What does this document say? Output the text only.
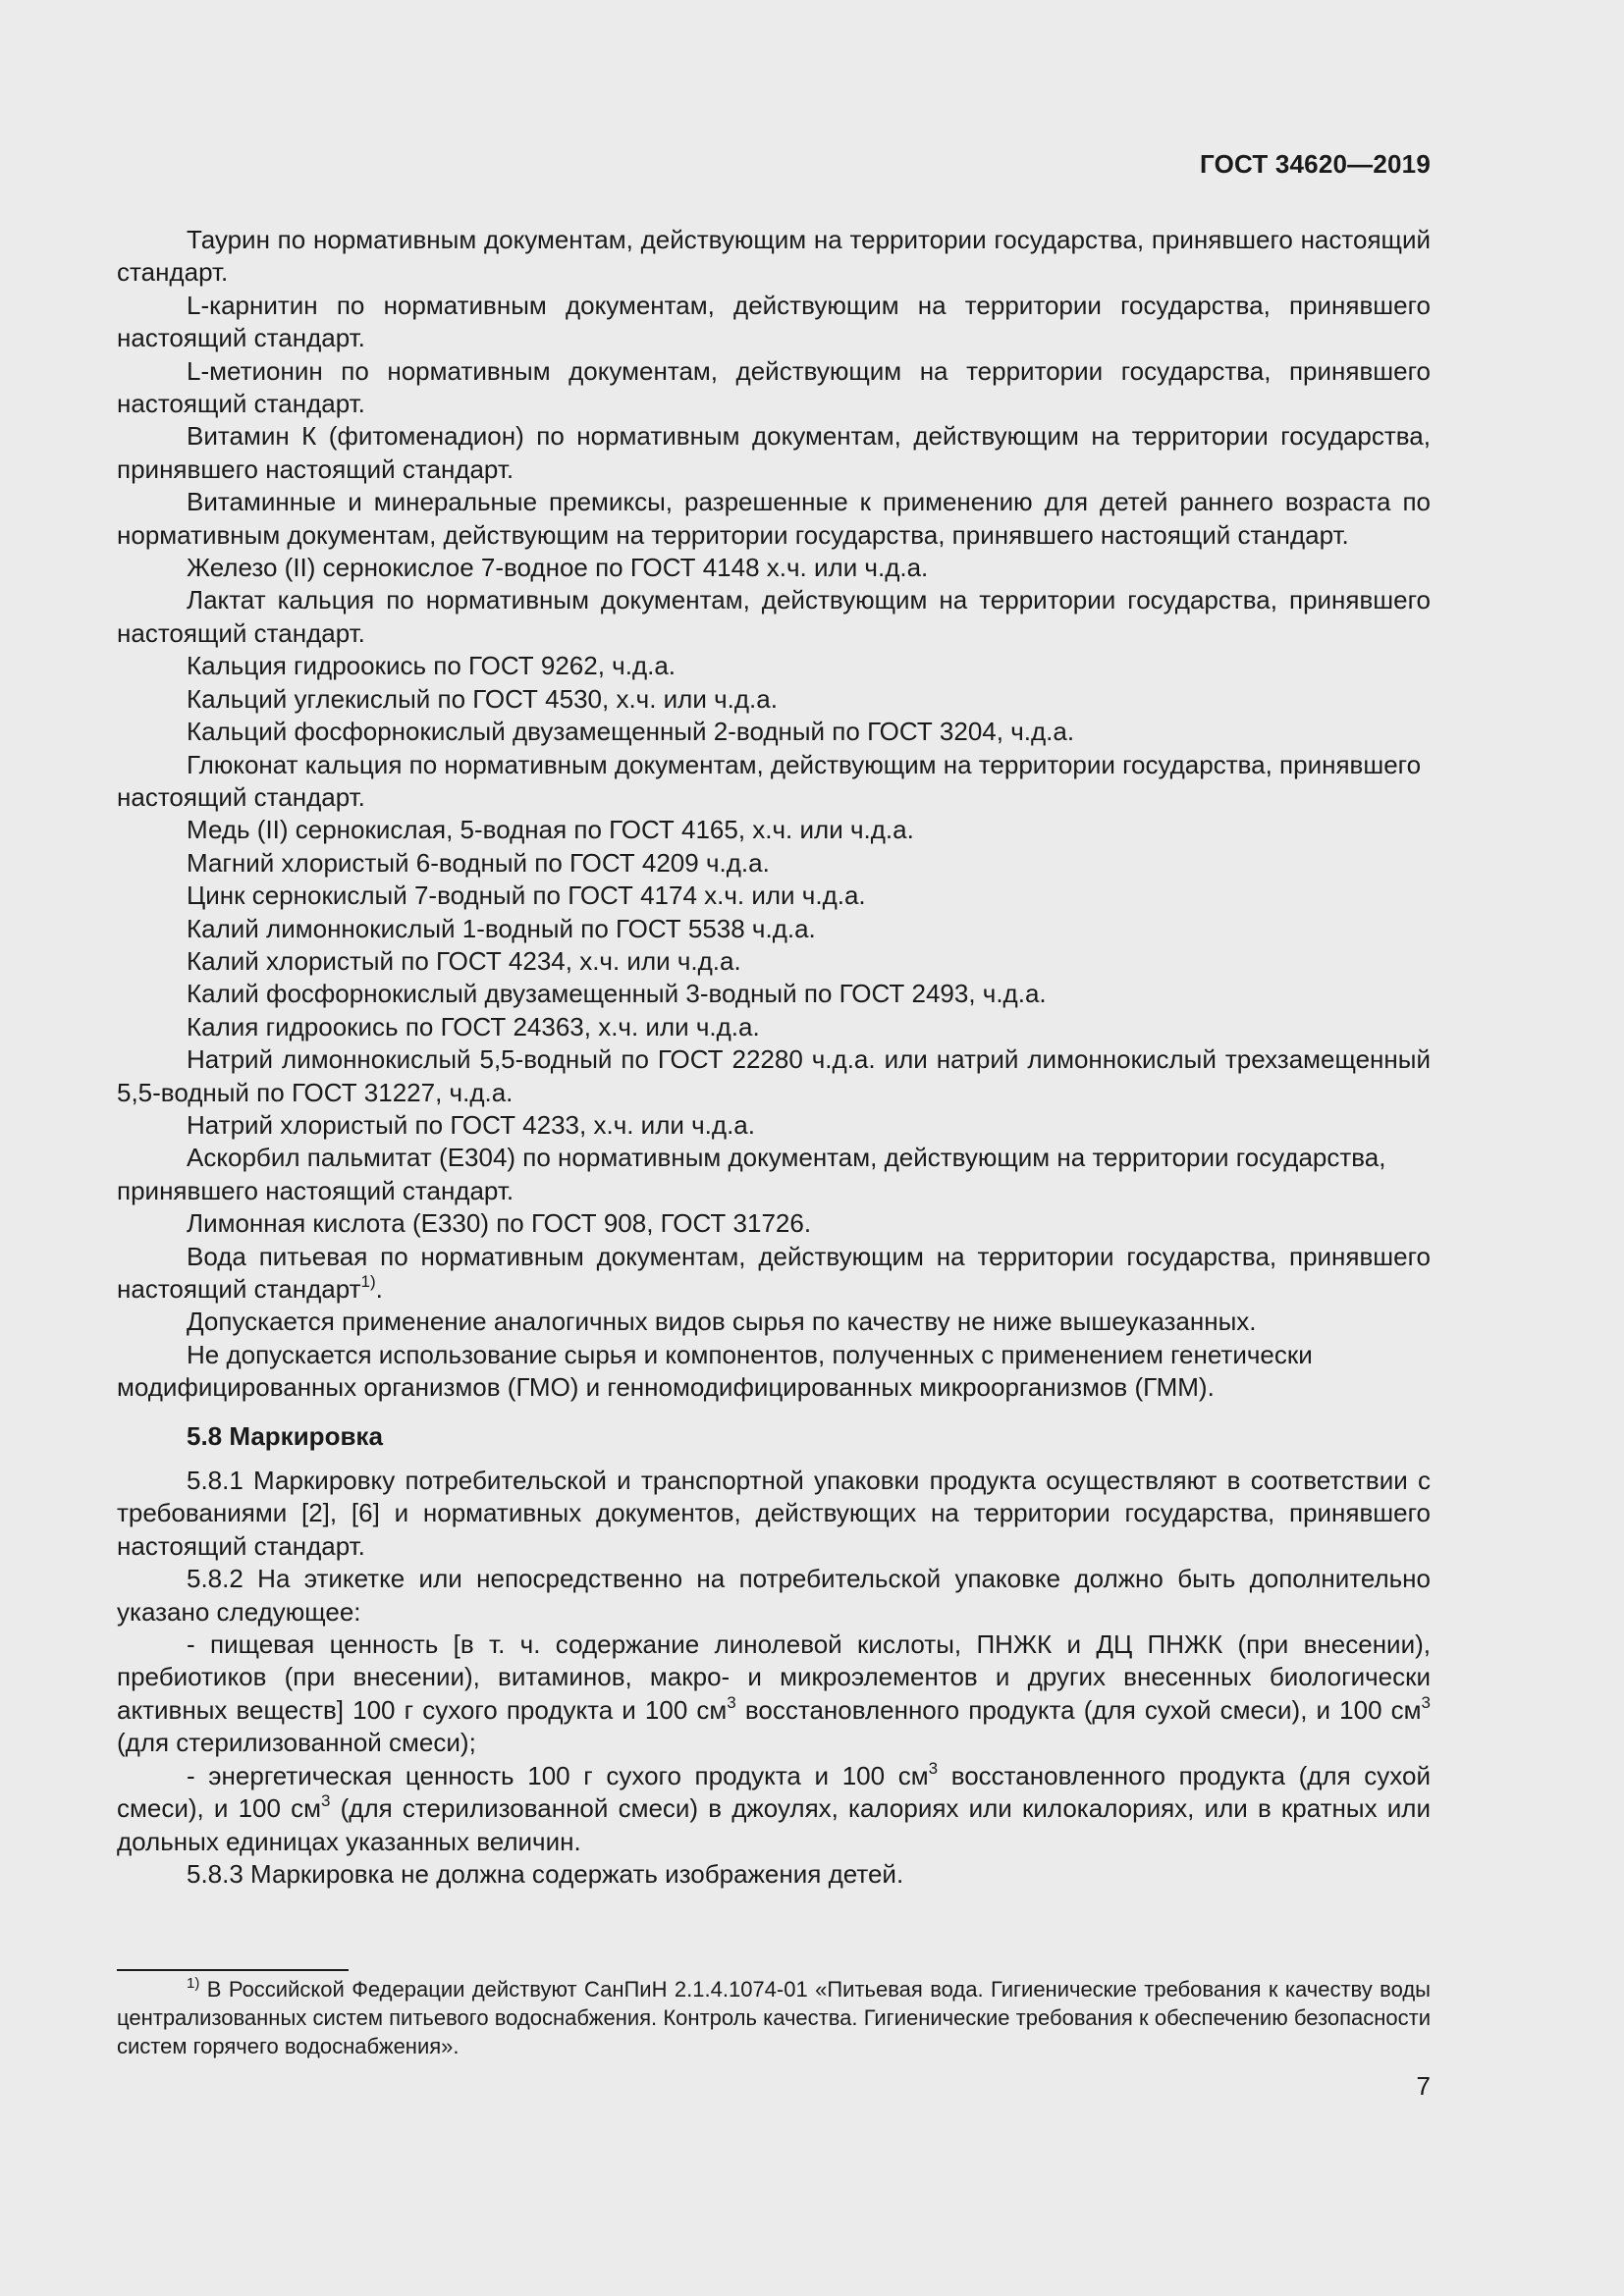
ГОСТ 34620—2019

Таурин по нормативным документам, действующим на территории государства, принявшего настоящий стандарт.

L-карнитин по нормативным документам, действующим на территории государства, принявшего настоящий стандарт.

L-метионин по нормативным документам, действующим на территории государства, принявшего настоящий стандарт.

Витамин К (фитоменадион) по нормативным документам, действующим на территории государства, принявшего настоящий стандарт.

Витаминные и минеральные премиксы, разрешенные к применению для детей раннего возраста по нормативным документам, действующим на территории государства, принявшего настоящий стандарт.

Железо (II) сернокислое 7-водное по ГОСТ 4148 х.ч. или ч.д.а.

Лактат кальция по нормативным документам, действующим на территории государства, принявшего настоящий стандарт.

Кальция гидроокись по ГОСТ 9262, ч.д.а.

Кальций углекислый по ГОСТ 4530, х.ч. или ч.д.а.

Кальций фосфорнокислый двузамещенный 2-водный по ГОСТ 3204, ч.д.а.

Глюконат кальция по нормативным документам, действующим на территории государства, принявшего настоящий стандарт.

Медь (II) сернокислая, 5-водная по ГОСТ 4165, х.ч. или ч.д.а.

Магний хлористый 6-водный по ГОСТ 4209 ч.д.а.

Цинк сернокислый 7-водный по ГОСТ 4174 х.ч. или ч.д.а.

Калий лимоннокислый 1-водный по ГОСТ 5538 ч.д.а.

Калий хлористый по ГОСТ 4234, х.ч. или ч.д.а.

Калий фосфорнокислый двузамещенный 3-водный по ГОСТ 2493, ч.д.а.

Калия гидроокись по ГОСТ 24363, х.ч. или ч.д.а.

Натрий лимоннокислый 5,5-водный по ГОСТ 22280 ч.д.а. или натрий лимоннокислый трехзамещенный 5,5-водный по ГОСТ 31227, ч.д.а.

Натрий хлористый по ГОСТ 4233, х.ч. или ч.д.а.

Аскорбил пальмитат (Е304) по нормативным документам, действующим на территории государства, принявшего настоящий стандарт.

Лимонная кислота (Е330) по ГОСТ 908, ГОСТ 31726.

Вода питьевая по нормативным документам, действующим на территории государства, принявшего настоящий стандарт$^{1)}$.

Допускается применение аналогичных видов сырья по качеству не ниже вышеуказанных.

Не допускается использование сырья и компонентов, полученных с применением генетически модифицированных организмов (ГМО) и генномодифицированных микроорганизмов (ГММ).

5.8 Маркировка

5.8.1 Маркировку потребительской и транспортной упаковки продукта осуществляют в соответствии с требованиями [2], [6] и нормативных документов, действующих на территории государства, принявшего настоящий стандарт.

5.8.2 На этикетке или непосредственно на потребительской упаковке должно быть дополнительно указано следующее:

- пищевая ценность [в т. ч. содержание линолевой кислоты, ПНЖК и ДЦ ПНЖК (при внесении), пребиотиков (при внесении), витаминов, макро- и микроэлементов и других внесенных биологически активных веществ] 100 г сухого продукта и 100 $см^3$ восстановленного продукта (для сухой смеси), и 100 $см^3$ (для стерилизованной смеси);

- энергетическая ценность 100 г сухого продукта и 100 $см^3$ восстановленного продукта (для сухой смеси), и 100 $см^3$ (для стерилизованной смеси) в джоулях, калориях или килокалориях, или в кратных или дольных единицах указанных величин.

5.8.3 Маркировка не должна содержать изображения детей.

$^{1)}$ В Российской Федерации действуют СанПиН 2.1.4.1074-01 «Питьевая вода. Гигиенические требования к качеству воды централизованных систем питьевого водоснабжения. Контроль качества. Гигиенические требования к обеспечению безопасности систем горячего водоснабжения».

7
